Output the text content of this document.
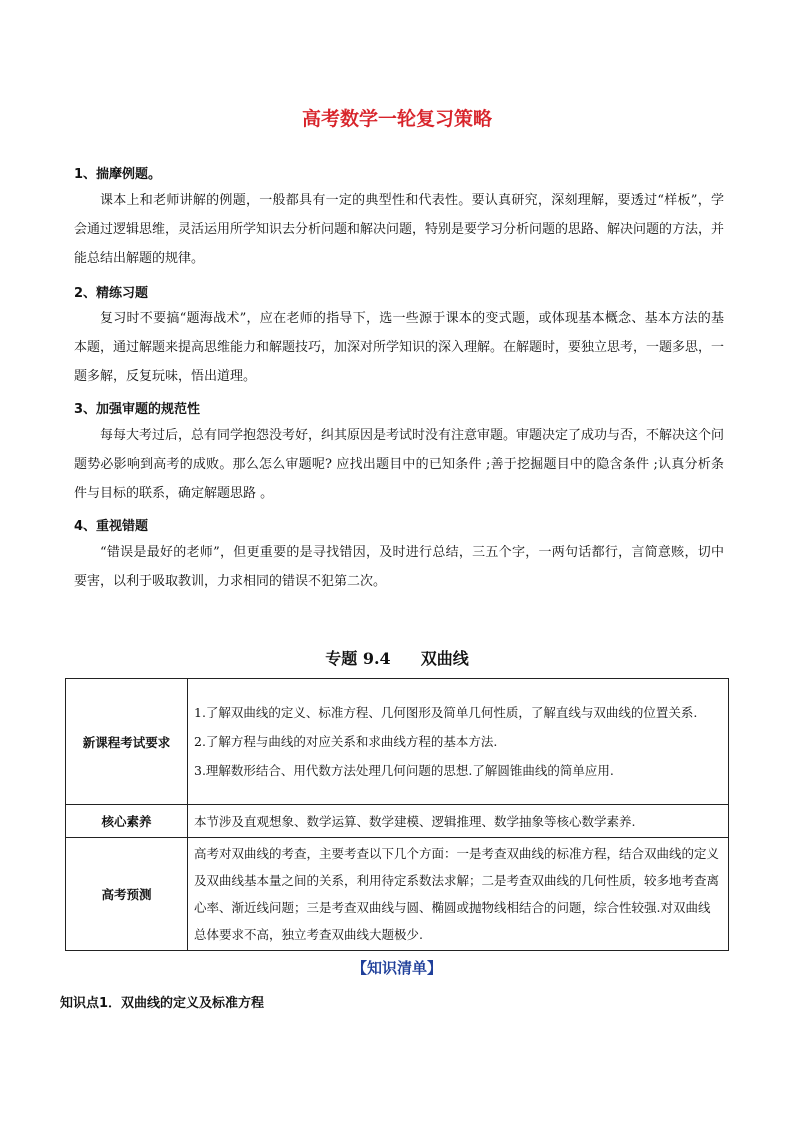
高考数学一轮复习策略
1、揣摩例题。
课本上和老师讲解的例题，一般都具有一定的典型性和代表性。要认真研究，深刻理解，要透过“样板”，学会通过逻辑思维，灵活运用所学知识去分析问题和解决问题，特别是要学习分析问题的思路、解决问题的方法，并能总结出解题的规律。
2、精练习题
复习时不要搞“题海战术”，应在老师的指导下，选一些源于课本的变式题，或体现基本概念、基本方法的基本题，通过解题来提高思维能力和解题技巧，加深对所学知识的深入理解。在解题时，要独立思考，一题多思，一题多解，反复玩味，悟出道理。
3、加强审题的规范性
每每大考过后，总有同学抱怨没考好，纠其原因是考试时没有注意审题。审题决定了成功与否，不解决这个问题势必影响到高考的成败。那么怎么审题呢? 应找出题目中的已知条件 ;善于挖掘题目中的隐含条件 ;认真分析条件与目标的联系，确定解题思路 。
4、重视错题
“错误是最好的老师”，但更重要的是寻找错因，及时进行总结，三五个字，一两句话都行，言简意赅，切中要害，以利于吸取教训，力求相同的错误不犯第二次。
专题 9.4 双曲线
新课程考试要求	1.了解双曲线的定义、标准方程、几何图形及简单几何性质，了解直线与双曲线的位置关系.
2.了解方程与曲线的对应关系和求曲线方程的基本方法.
3.理解数形结合、用代数方法处理几何问题的思想.了解圆锥曲线的简单应用.

核心素养	本节涉及直观想象、数学运算、数学建模、逻辑推理、数学抽象等核心数学素养.

高考预测	高考对双曲线的考查，主要考查以下几个方面：一是考查双曲线的标准方程，结合双曲线的定义及双曲线基本量之间的关系，利用待定系数法求解；二是考查双曲线的几何性质，较多地考查离心率、渐近线问题；三是考查双曲线与圆、椭圆或抛物线相结合的问题，综合性较强.对双曲线总体要求不高，独立考查双曲线大题极少.
【知识清单】
知识点1．双曲线的定义及标准方程
